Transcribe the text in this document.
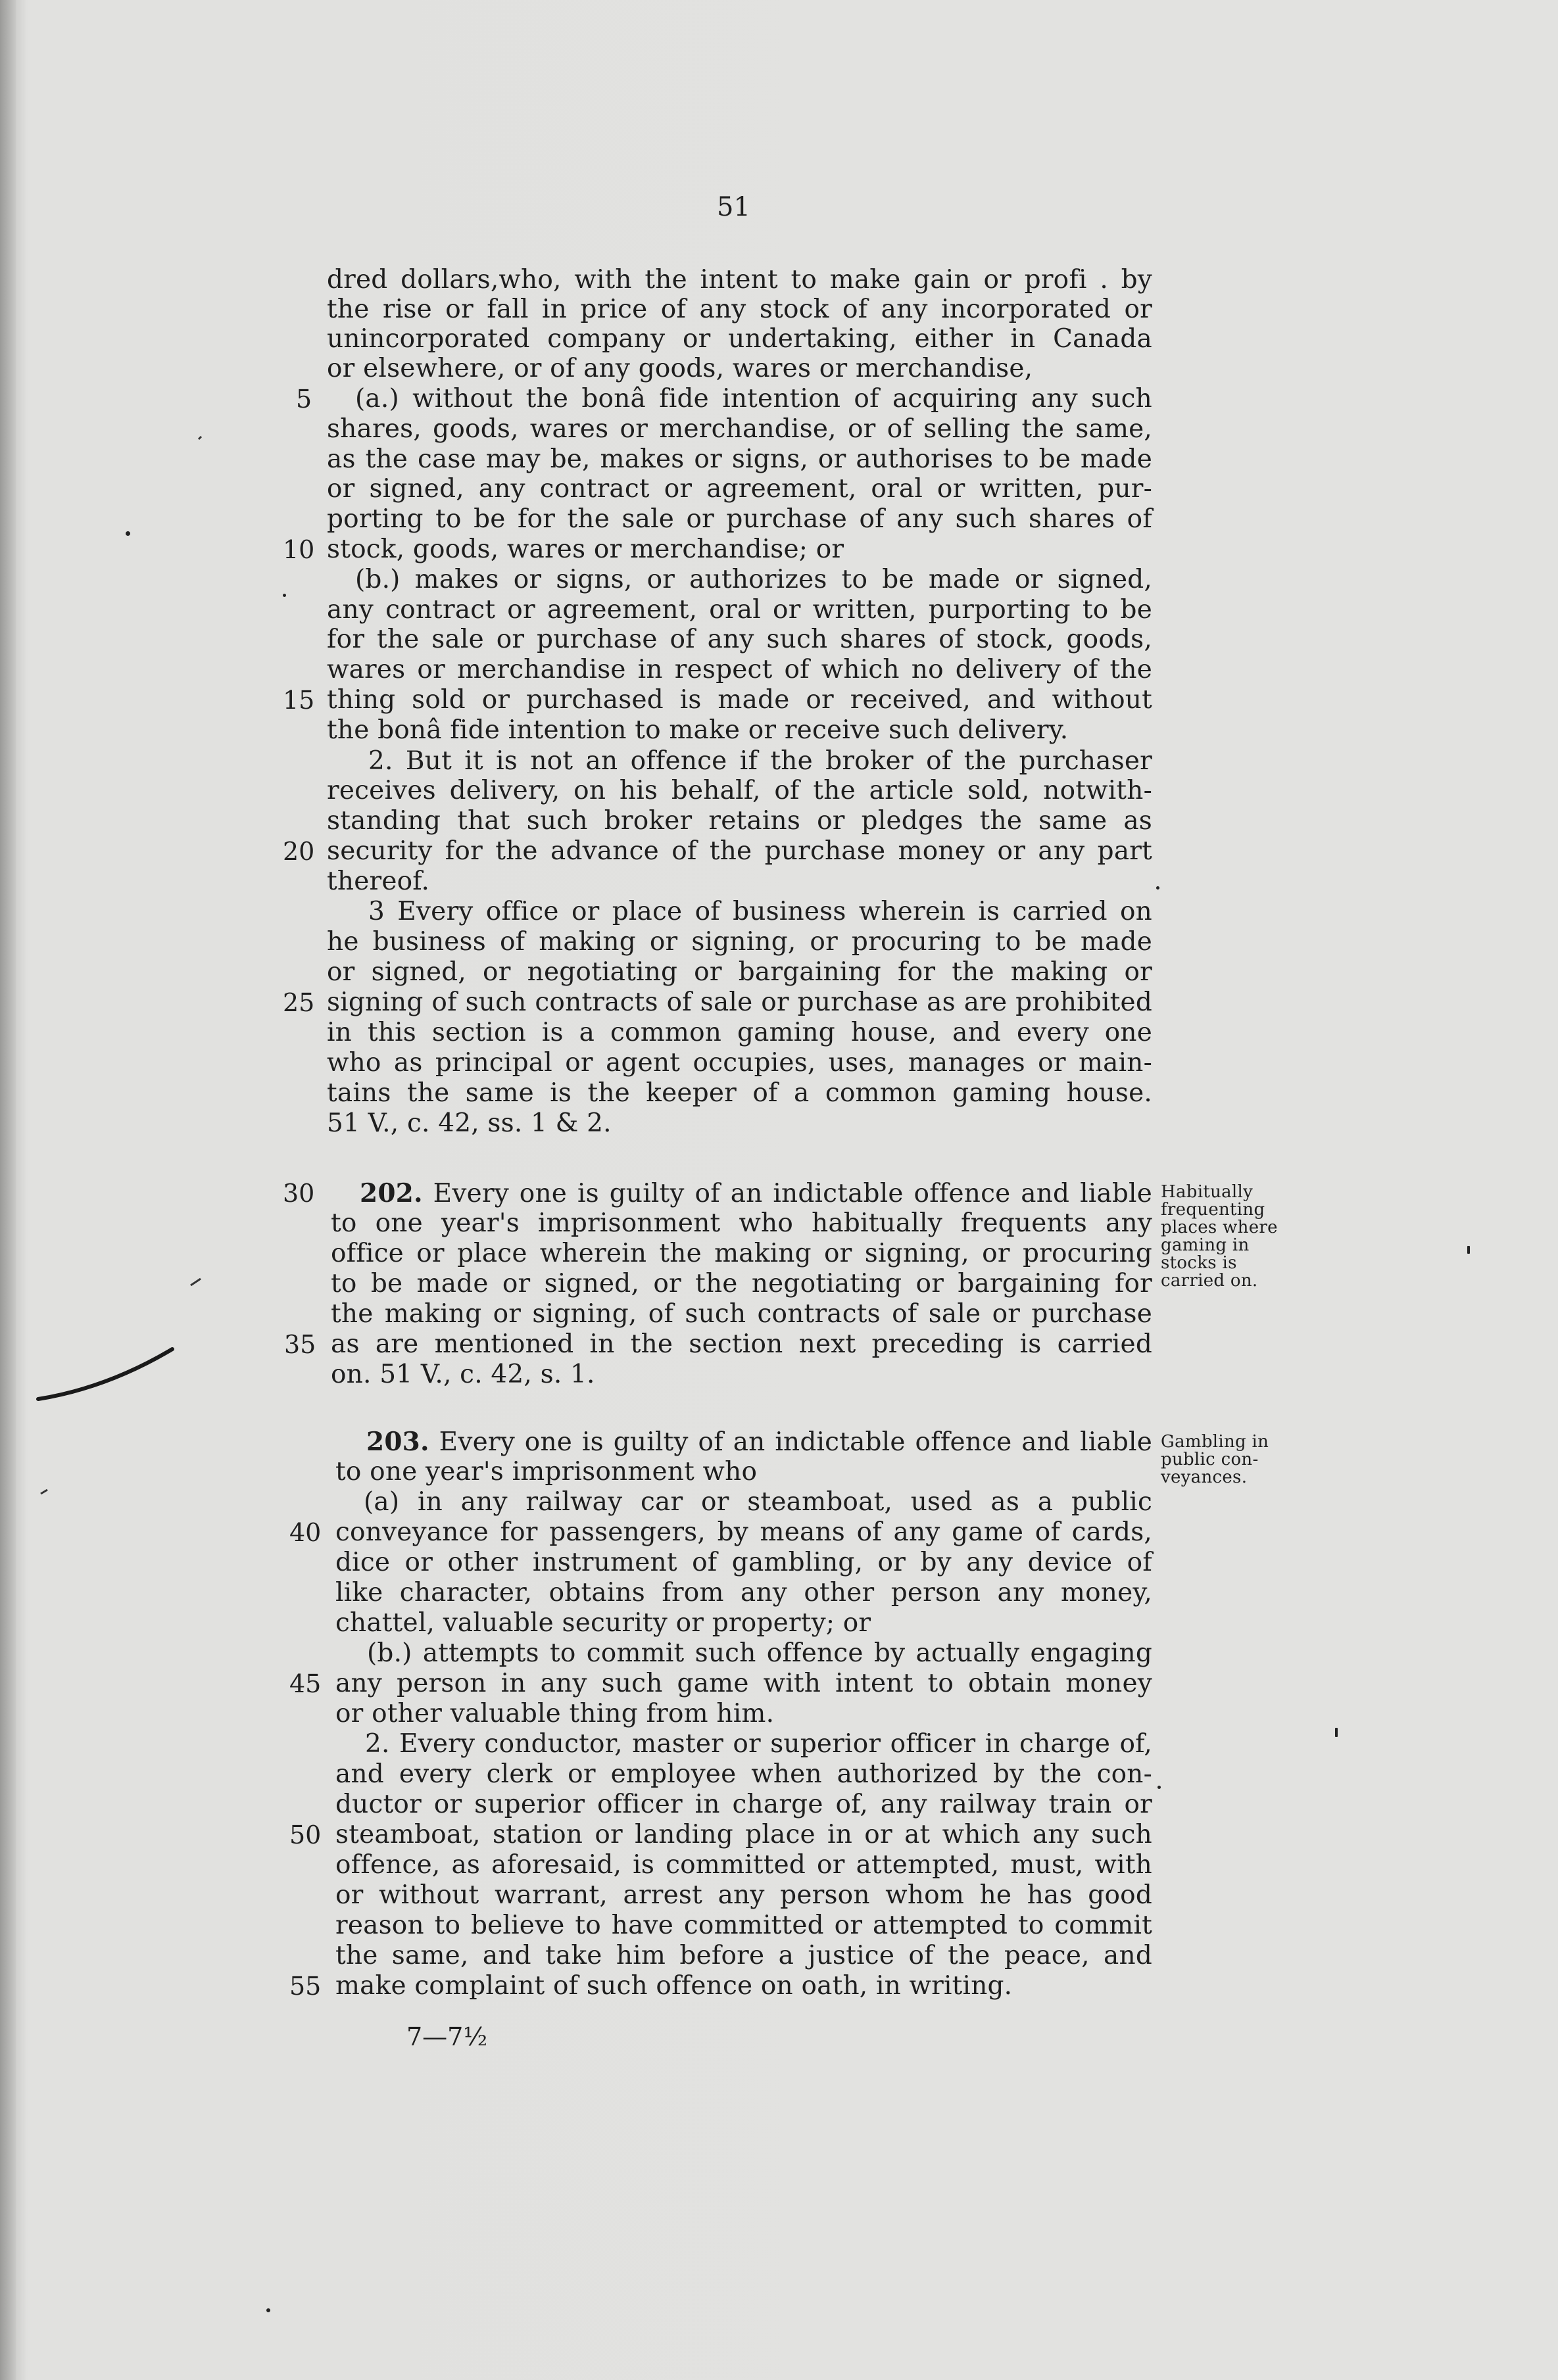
51
dred dollars,who, with the intent to make gain or profi . by
the rise or fall in price of any stock of any incorporated or
unincorporated company or undertaking, either in Canada
or elsewhere, or of any goods, wares or merchandise,
(a.) without the bonâ fide intention of acquiring any such
shares, goods, wares or merchandise, or of selling the same,
as the case may be, makes or signs, or authorises to be made
or signed, any contract or agreement, oral or written, pur-
porting to be for the sale or purchase of any such shares of
stock, goods, wares or merchandise; or
(b.) makes or signs, or authorizes to be made or signed,
any contract or agreement, oral or written, purporting to be
for the sale or purchase of any such shares of stock, goods,
wares or merchandise in respect of which no delivery of the
thing sold or purchased is made or received, and without
the bonâ fide intention to make or receive such delivery.
2. But it is not an offence if the broker of the purchaser
receives delivery, on his behalf, of the article sold, notwith-
standing that such broker retains or pledges the same as
security for the advance of the purchase money or any part
thereof.
3 Every office or place of business wherein is carried on
he business of making or signing, or procuring to be made
or signed, or negotiating or bargaining for the making or
signing of such contracts of sale or purchase as are prohibited
in this section is a common gaming house, and every one
who as principal or agent occupies, uses, manages or main-
tains the same is the keeper of a common gaming house.
51 V., c. 42, ss. 1 & 2.
202. Every one is guilty of an indictable offence and liable
to one year's imprisonment who habitually frequents any
office or place wherein the making or signing, or procuring
to be made or signed, or the negotiating or bargaining for
the making or signing, of such contracts of sale or purchase
as are mentioned in the section next preceding is carried
on. 51 V., c. 42, s. 1.
203. Every one is guilty of an indictable offence and liable
to one year's imprisonment who
(a) in any railway car or steamboat, used as a public
conveyance for passengers, by means of any game of cards,
dice or other instrument of gambling, or by any device of
like character, obtains from any other person any money,
chattel, valuable security or property; or
(b.) attempts to commit such offence by actually engaging
any person in any such game with intent to obtain money
or other valuable thing from him.
2. Every conductor, master or superior officer in charge of,
and every clerk or employee when authorized by the con-
ductor or superior officer in charge of, any railway train or
steamboat, station or landing place in or at which any such
offence, as aforesaid, is committed or attempted, must, with
or without warrant, arrest any person whom he has good
reason to believe to have committed or attempted to commit
the same, and take him before a justice of the peace, and
make complaint of such offence on oath, in writing.
5
10
15
20
25
30
35
40
45
50
55
Habitually
frequenting
places where
gaming in
stocks is
carried on.
Gambling in
public con-
veyances.
7—7½
